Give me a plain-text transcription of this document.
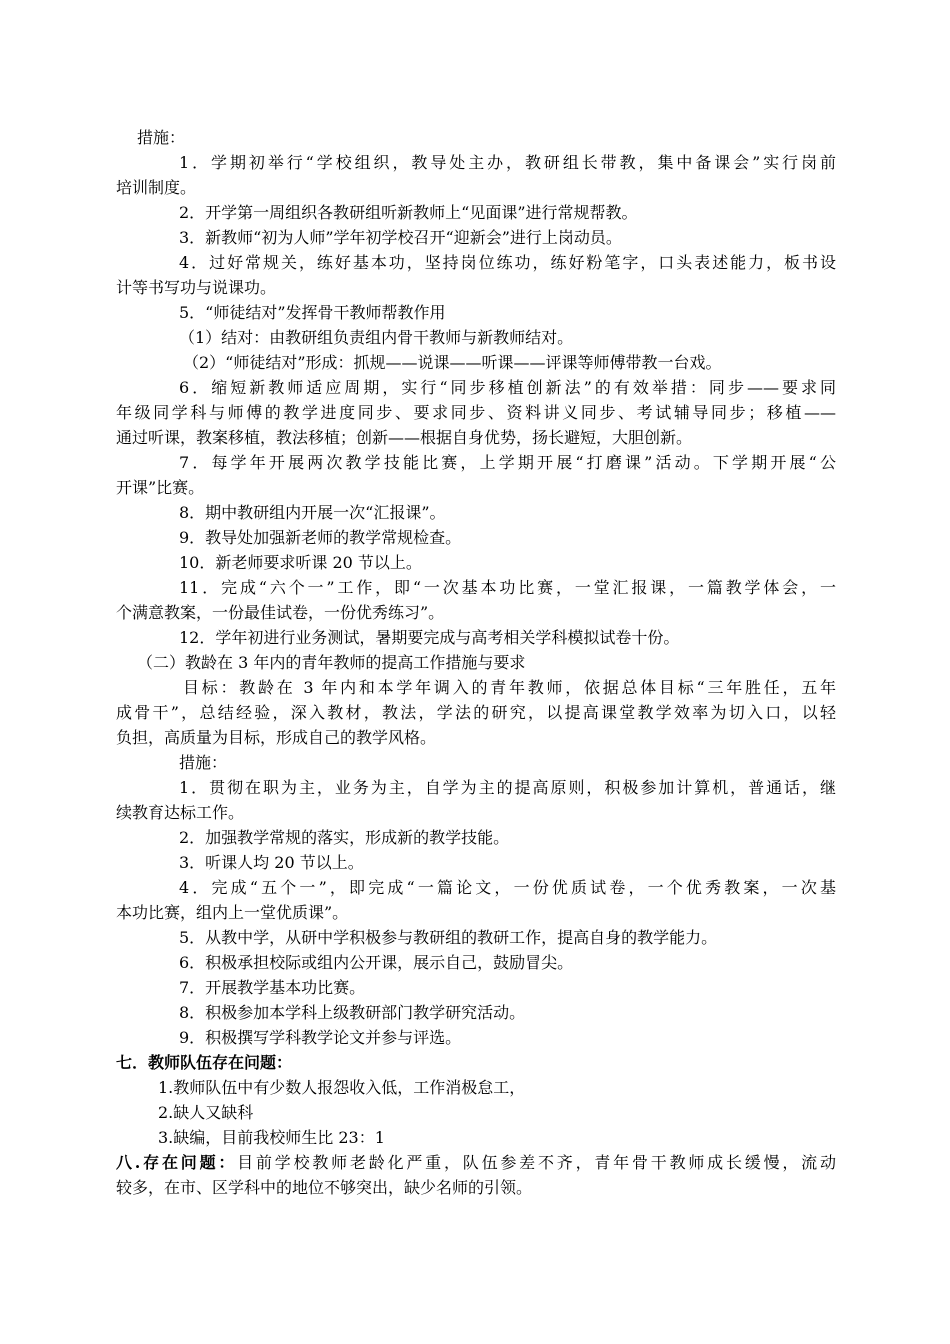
措施：
1．学期初举行“学校组织，教导处主办，教研组长带教，集中备课会”实行岗前
培训制度。
2．开学第一周组织各教研组听新教师上“见面课”进行常规帮教。
3．新教师“初为人师”学年初学校召开“迎新会”进行上岗动员。
4．过好常规关，练好基本功，坚持岗位练功，练好粉笔字，口头表述能力，板书设
计等书写功与说课功。
5．“师徒结对”发挥骨干教师帮教作用
（1）结对：由教研组负责组内骨干教师与新教师结对。
（2）“师徒结对”形成：抓规——说课——听课——评课等师傅带教一台戏。
6．缩短新教师适应周期，实行“同步移植创新法”的有效举措：同步——要求同
年级同学科与师傅的教学进度同步、要求同步、资料讲义同步、考试辅导同步；移植——
通过听课，教案移植，教法移植；创新——根据自身优势，扬长避短，大胆创新。
7．每学年开展两次教学技能比赛，上学期开展“打磨课”活动。下学期开展“公
开课”比赛。
8．期中教研组内开展一次“汇报课”。
9．教导处加强新老师的教学常规检查。
10．新老师要求听课 20 节以上。
11．完成“六个一”工作，即“一次基本功比赛，一堂汇报课，一篇教学体会，一
个满意教案，一份最佳试卷，一份优秀练习”。
12．学年初进行业务测试，暑期要完成与高考相关学科模拟试卷十份。
（二）教龄在 3 年内的青年教师的提高工作措施与要求
目标：教龄在 3 年内和本学年调入的青年教师，依据总体目标“三年胜任，五年
成骨干”，总结经验，深入教材，教法，学法的研究，以提高课堂教学效率为切入口，以轻
负担，高质量为目标，形成自己的教学风格。
措施：
1．贯彻在职为主，业务为主，自学为主的提高原则，积极参加计算机，普通话，继
续教育达标工作。
2．加强教学常规的落实，形成新的教学技能。
3．听课人均 20 节以上。
4．完成“五个一”，即完成“一篇论文，一份优质试卷，一个优秀教案，一次基
本功比赛，组内上一堂优质课”。
5．从教中学，从研中学积极参与教研组的教研工作，提高自身的教学能力。
6．积极承担校际或组内公开课，展示自己，鼓励冒尖。
7．开展教学基本功比赛。
8．积极参加本学科上级教研部门教学研究活动。
9．积极撰写学科教学论文并参与评选。
七．教师队伍存在问题：
1.教师队伍中有少数人报怨收入低，工作消极怠工，
2.缺人又缺科
3.缺编，目前我校师生比 23：1
八.存在问题：目前学校教师老龄化严重，队伍参差不齐，青年骨干教师成长缓慢，流动
较多，在市、区学科中的地位不够突出，缺少名师的引领。
